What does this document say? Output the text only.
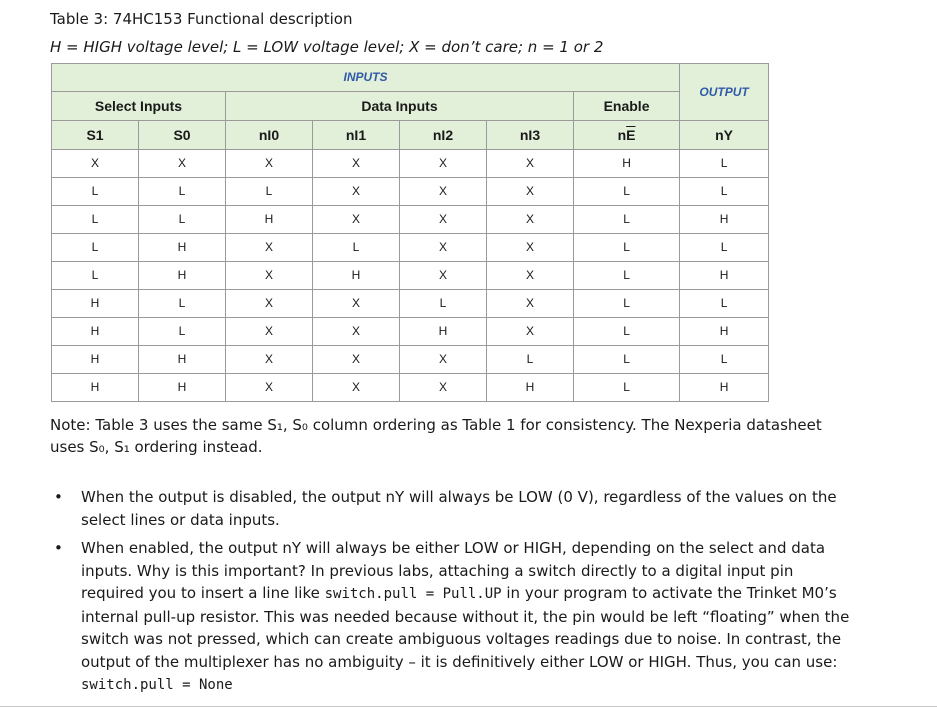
Table 3: 74HC153 Functional description
H = HIGH voltage level; L = LOW voltage level; X = don’t care; n = 1 or 2
INPUTS							OUTPUT
Select Inputs		Data Inputs				Enable	
S1	S0	nI0	nI1	nI2	nI3	$n\overline{E}$	nY
X	X	X	X	X	X	H	L
L	L	L	X	X	X	L	L
L	L	H	X	X	X	L	H
L	H	X	L	X	X	L	L
L	H	X	H	X	X	L	H
H	L	X	X	L	X	L	L
H	L	X	X	H	X	L	H
H	H	X	X	X	L	L	L
H	H	X	X	X	H	L	H
Note: Table 3 uses the same S₁, S₀ column ordering as Table 1 for consistency. The Nexperia datasheet
uses S₀, S₁ ordering instead.
• When the output is disabled, the output nY will always be LOW (0 V), regardless of the values on the select lines or data inputs.
• When enabled, the output nY will always be either LOW or HIGH, depending on the select and data inputs. Why is this important? In previous labs, attaching a switch directly to a digital input pin required you to insert a line like switch.pull = Pull.UP in your program to activate the Trinket M0’s internal pull-up resistor. This was needed because without it, the pin would be left “floating” when the switch was not pressed, which can create ambiguous voltages readings due to noise. In contrast, the output of the multiplexer has no ambiguity – it is definitively either LOW or HIGH. Thus, you can use: switch.pull = None
